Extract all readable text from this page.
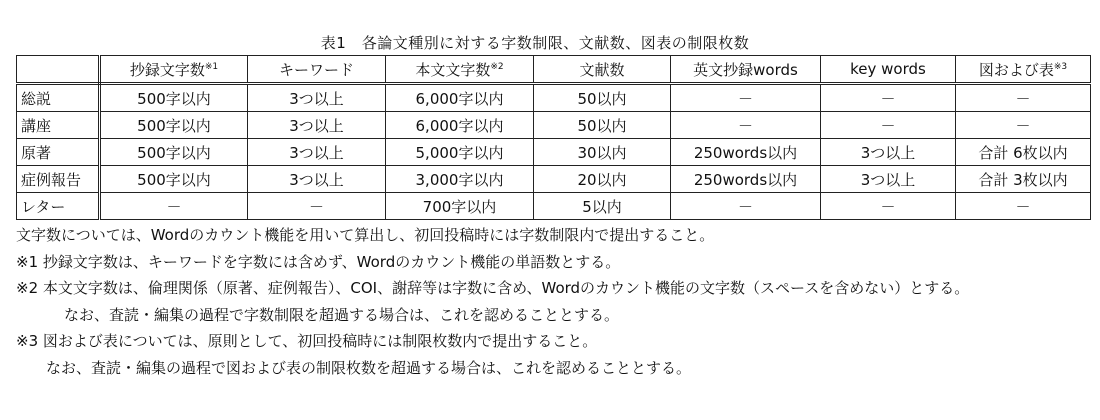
表1　各論文種別に対する字数制限、文献数、図表の制限枚数
	抄録文字数$^{※1}$	キーワード	本文文字数$^{※2}$	文献数	英文抄録words	key words	図および表$^{※3}$
総説	500字以内	3つ以上	6,000字以内	50以内	－	－	－
講座	500字以内	3つ以上	6,000字以内	50以内	－	－	－
原著	500字以内	3つ以上	5,000字以内	30以内	250words以内	3つ以上	合計 6枚以内
症例報告	500字以内	3つ以上	3,000字以内	20以内	250words以内	3つ以上	合計 3枚以内
レター	－	－	700字以内	5以内	－	－	－
文字数については、Wordのカウント機能を用いて算出し、初回投稿時には字数制限内で提出すること。
※1 抄録文字数は、キーワードを字数には含めず、Wordのカウント機能の単語数とする。
※2 本文文字数は、倫理関係（原著、症例報告）、COI、謝辞等は字数に含め、Wordのカウント機能の文字数（スペースを含めない）とする。
なお、査読・編集の過程で字数制限を超過する場合は、これを認めることとする。
※3 図および表については、原則として、初回投稿時には制限枚数内で提出すること。
なお、査読・編集の過程で図および表の制限枚数を超過する場合は、これを認めることとする。
